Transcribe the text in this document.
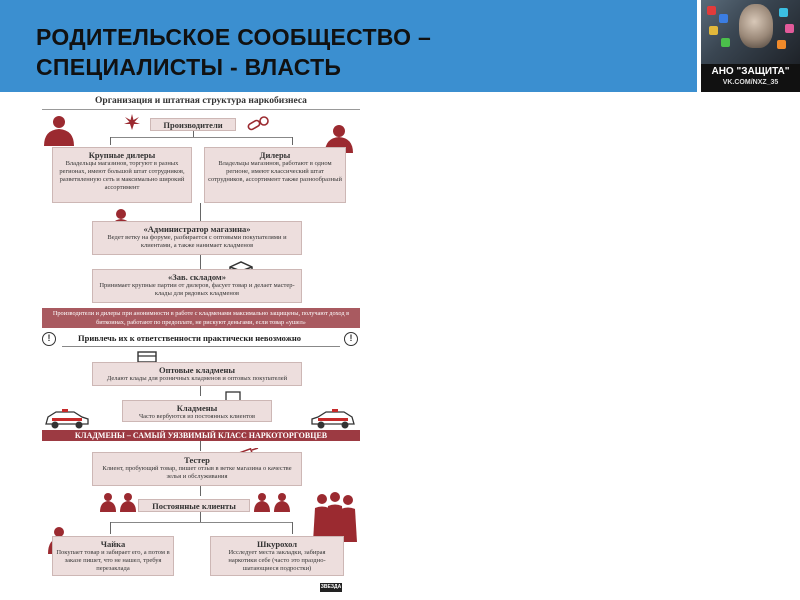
РОДИТЕЛЬСКОЕ СООБЩЕСТВО –
СПЕЦИАЛИСТЫ - ВЛАСТЬ	АНО "ЗАЩИТА"
VK.COM/NXZ_35
Организация и штатная структура наркобизнеса
Производители
Крупные дилеры
Владельцы магазинов, торгуют в разных регионах, имеют большой штат сотрудников, разветвленную сеть и максимально широкий ассортимент
Дилеры
Владельцы магазинов, работают в одном регионе, имеют классический штат сотрудников, ассортимент также разнообразный
«Администратор магазина»
Ведет ветку на форуме, разбирается с оптовыми покупателями и клиентами, а также нанимает кладменов
«Зав. складом»
Принимает крупные партии от дилеров, фасует товар и делает мастер-клады для рядовых кладменов
Производители и дилеры при анонимности в работе с кладменами максимально защищены, получают доход в биткоинах, работают по предоплате, не рискуют деньгами, если товар «ушел»
!	Привлечь их к ответственности практически невозможно	!
Оптовые кладмены
Делают клады для розничных кладменов и оптовых покупателей
Кладмены
Часто вербуются из постоянных клиентов
КЛАДМЕНЫ – САМЫЙ УЯЗВИМЫЙ КЛАСС НАРКОТОРГОВЦЕВ
Тестер
Клиент, пробующий товар, пишет отзыв в ветке магазина о качестве зелья и обслуживания
Постоянные клиенты
Чайка
Покупает товар и забирает его, а потом в заказе пишет, что не нашел, требуя перезаклада
Шкурохол
Исследует места закладки, забирая наркотики себе (часто это праздно-шатающиеся подростки)
ЗВЕЗДА
